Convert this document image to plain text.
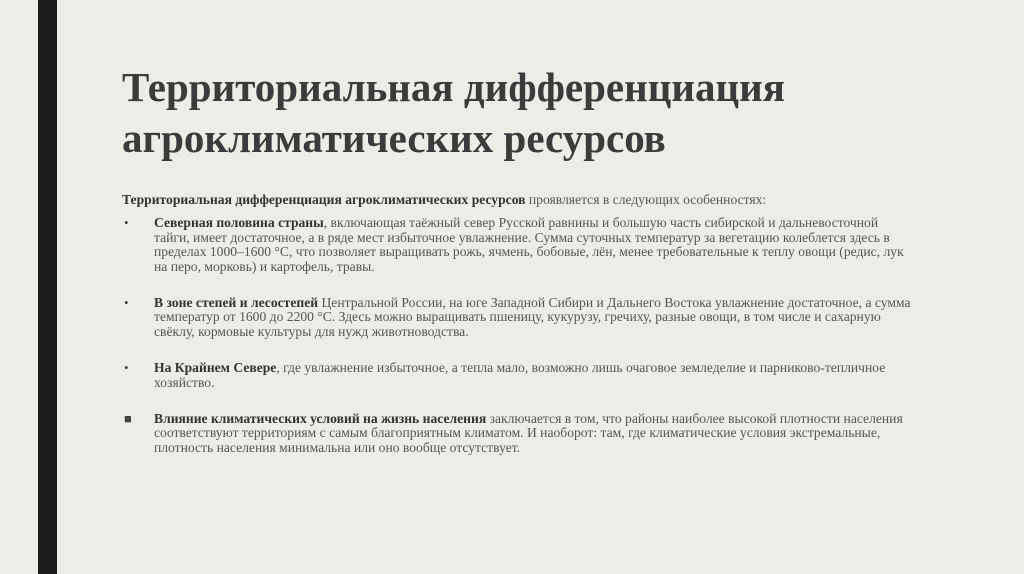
Территориальная дифференциация агроклиматических ресурсов

Территориальная дифференциация агроклиматических ресурсов проявляется в следующих особенностях:

• Северная половина страны, включающая таёжный север Русской равнины и большую часть сибирской и дальневосточной тайги, имеет достаточное, а в ряде мест избыточное увлажнение. Сумма суточных температур за вегетацию колеблется здесь в пределах 1000–1600 °С, что позволяет выращивать рожь, ячмень, бобовые, лён, менее требовательные к теплу овощи (редис, лук на перо, морковь) и картофель, травы.
• В зоне степей и лесостепей Центральной России, на юге Западной Сибири и Дальнего Востока увлажнение достаточное, а сумма температур от 1600 до 2200 °С. Здесь можно выращивать пшеницу, кукурузу, гречиху, разные овощи, в том числе и сахарную свёклу, кормовые культуры для нужд животноводства.
• На Крайнем Севере, где увлажнение избыточное, а тепла мало, возможно лишь очаговое земледелие и парниково-тепличное хозяйство.
■ Влияние климатических условий на жизнь населения заключается в том, что районы наиболее высокой плотности населения соответствуют территориям с самым благоприятным климатом. И наоборот: там, где климатические условия экстремальные, плотность населения минимальна или оно вообще отсутствует.
